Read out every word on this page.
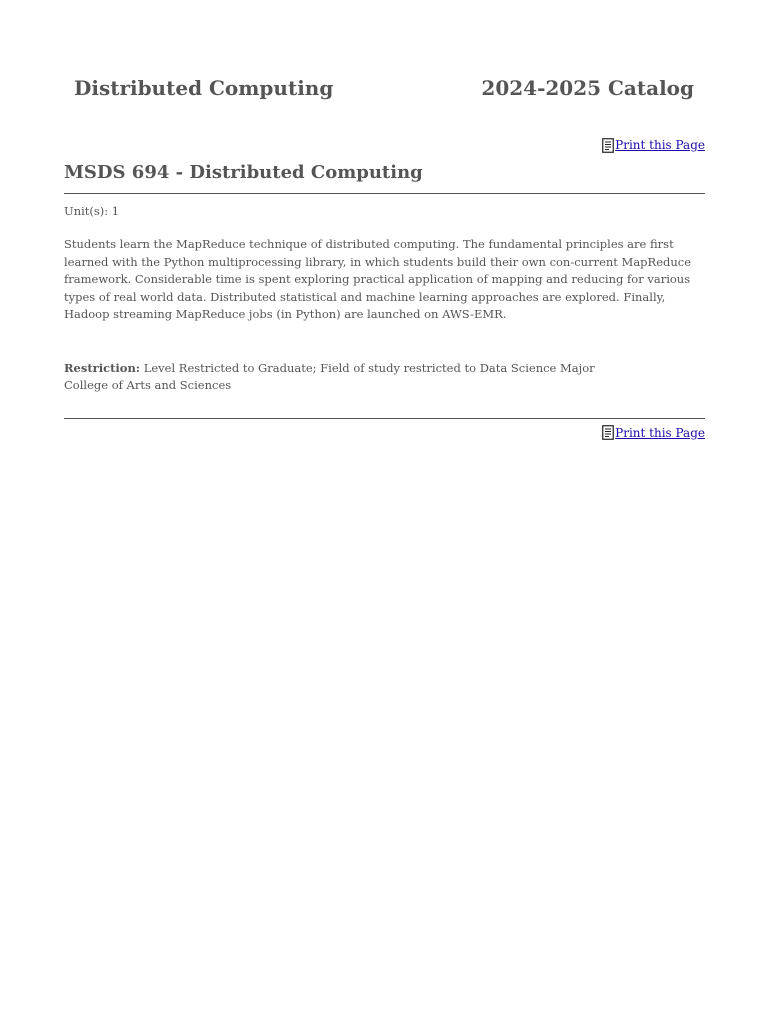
Distributed Computing	2024-2025 Catalog
Print this Page
MSDS 694 - Distributed Computing

Unit(s): 1

Students learn the MapReduce technique of distributed computing. The fundamental principles are first learned with the Python multiprocessing library, in which students build their own con-current MapReduce framework. Considerable time is spent exploring practical application of mapping and reducing for various types of real world data. Distributed statistical and machine learning approaches are explored. Finally, Hadoop streaming MapReduce jobs (in Python) are launched on AWS-EMR.

Restriction: Level Restricted to Graduate; Field of study restricted to Data Science Major

College of Arts and Sciences

Print this Page
